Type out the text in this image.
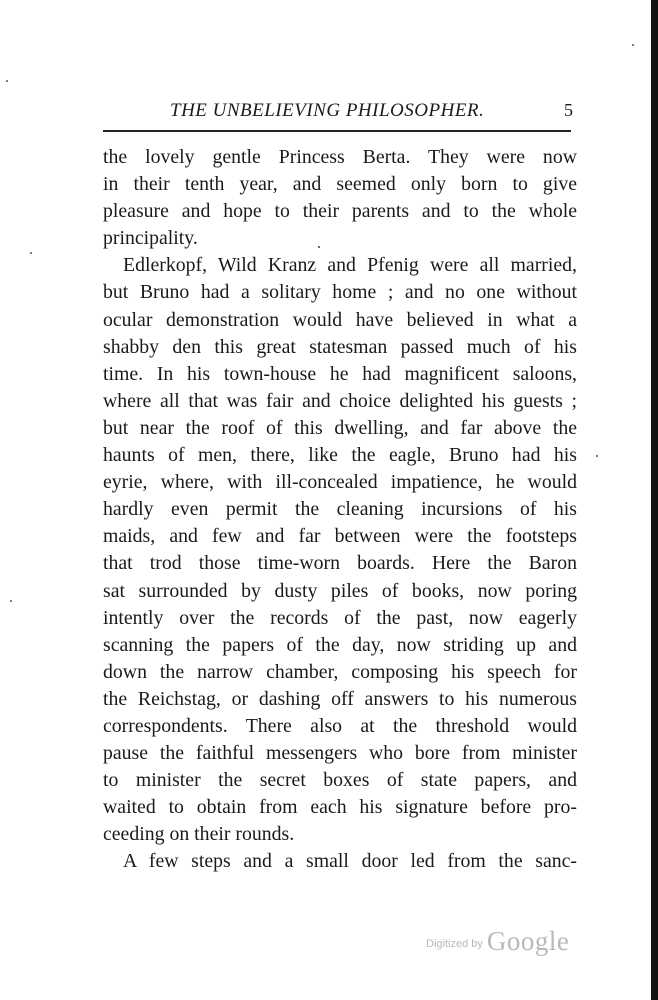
THE UNBELIEVING PHILOSOPHER.	5
the lovely gentle Princess Berta. They were now
in their tenth year, and seemed only born to give
pleasure and hope to their parents and to the whole
principality.
Edlerkopf, Wild Kranz and Pfenig were all married,
but Bruno had a solitary home ; and no one without
ocular demonstration would have believed in what a
shabby den this great statesman passed much of his
time. In his town-house he had magnificent saloons,
where all that was fair and choice delighted his guests ;
but near the roof of this dwelling, and far above the
haunts of men, there, like the eagle, Bruno had his
eyrie, where, with ill-concealed impatience, he would
hardly even permit the cleaning incursions of his
maids, and few and far between were the footsteps
that trod those time-worn boards. Here the Baron
sat surrounded by dusty piles of books, now poring
intently over the records of the past, now eagerly
scanning the papers of the day, now striding up and
down the narrow chamber, composing his speech for
the Reichstag, or dashing off answers to his numerous
correspondents. There also at the threshold would
pause the faithful messengers who bore from minister
to minister the secret boxes of state papers, and
waited to obtain from each his signature before pro-
ceeding on their rounds.
A few steps and a small door led from the sanc-
Digitized by Google
